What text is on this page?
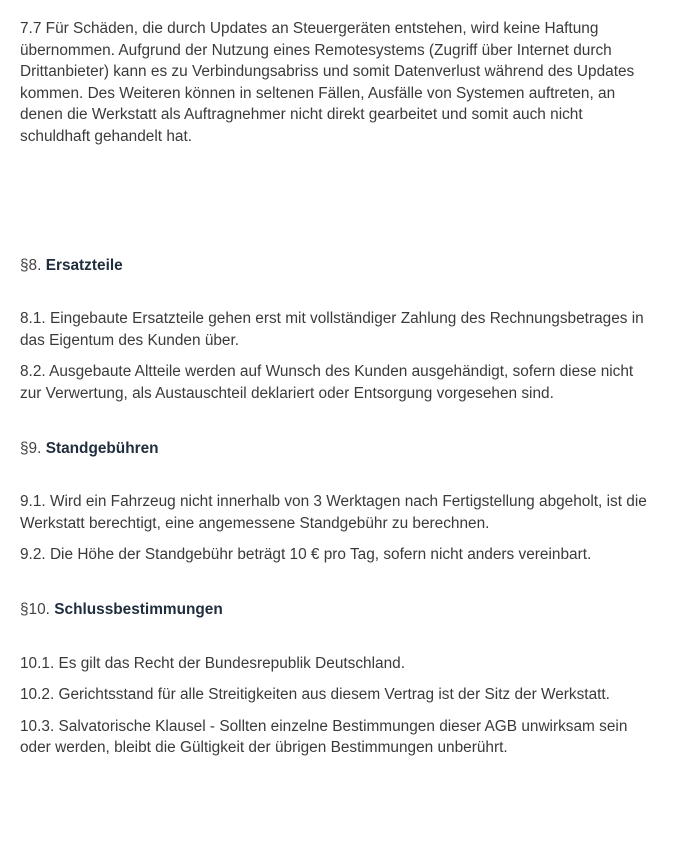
7.7 Für Schäden, die durch Updates an Steuergeräten entstehen, wird keine Haftung übernommen. Aufgrund der Nutzung eines Remotesystems (Zugriff über Internet durch Drittanbieter) kann es zu Verbindungsabriss und somit Datenverlust während des Updates kommen. Des Weiteren können in seltenen Fällen, Ausfälle von Systemen auftreten, an denen die Werkstatt als Auftragnehmer nicht direkt gearbeitet und somit auch nicht schuldhaft gehandelt hat.

§8. Ersatzteile

8.1. Eingebaute Ersatzteile gehen erst mit vollständiger Zahlung des Rechnungsbetrages in das Eigentum des Kunden über.

8.2. Ausgebaute Altteile werden auf Wunsch des Kunden ausgehändigt, sofern diese nicht zur Verwertung, als Austauschteil deklariert oder Entsorgung vorgesehen sind.

§9. Standgebühren

9.1. Wird ein Fahrzeug nicht innerhalb von 3 Werktagen nach Fertigstellung abgeholt, ist die Werkstatt berechtigt, eine angemessene Standgebühr zu berechnen.

9.2. Die Höhe der Standgebühr beträgt 10 € pro Tag, sofern nicht anders vereinbart.

§10. Schlussbestimmungen

10.1. Es gilt das Recht der Bundesrepublik Deutschland.

10.2. Gerichtsstand für alle Streitigkeiten aus diesem Vertrag ist der Sitz der Werkstatt.

10.3. Salvatorische Klausel - Sollten einzelne Bestimmungen dieser AGB unwirksam sein oder werden, bleibt die Gültigkeit der übrigen Bestimmungen unberührt.
